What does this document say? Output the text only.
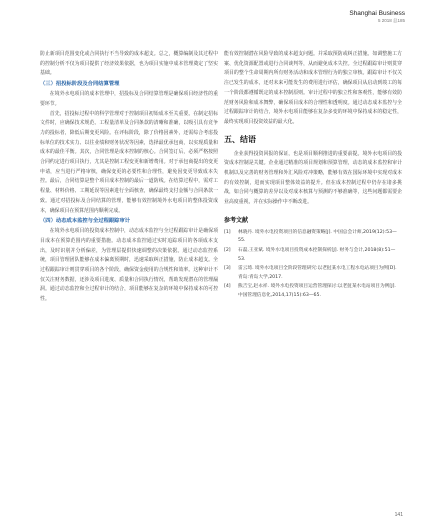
Shanghai Business
5 2018 总185

防止新项目范围变化或合同执行不当导致的成本超支。总之，概算编制及其过程中的控制分析不仅为项目提供了经济效果依据，也为项目实施中成本管理奠定了坚实基础。

（三）招投标阶段及合同结算管理

在境外水电项目的成本管理中，招投标及合同结算管理是确保项目经济性的重要环节。

首先，招投标过程中的科学管理对于控制项目初始成本至关重要。在制定招标文件时，应确保技术规范、工程量清单及合同条款的清晰和准确，以吸引具有竞争力的投标者，降低后期变更风险。在评标阶段，除了价格因素外，还需综合考虑投标单位的技术实力、以往业绩和财务状况等因素，选择最优承包商，以实现质量和成本的最佳平衡。其次，合同管理是成本控制的核心。合同签订后，必须严格按照合同约定进行项目执行，尤其是控制工程变更和新增费用。对于承包商提出的变更申请，应当进行严格审核，确保变更的必要性和合理性，避免因变更导致成本失控。最后，合同结算是整个项目成本控制的最后一道防线。在结算过程中，需对工程量、材料价格、工期延误等因素进行全面核查，确保最终支付金额与合同条款一致。通过对招投标及合同结算的管理，能够有效控制境外水电项目的整体投资成本，确保项目在预算范围内顺利完成。

（四）动态成本监控与全过程跟踪审计

在境外水电项目的投资成本控制中，动态成本监控与全过程跟踪审计是确保项目成本在预算范围内的重要措施。动态成本监控通过实时追踪项目的各项成本支出，及时识别并分析偏差，为管理层提供快速调整的决策依据。通过动态监控系统，项目管理团队能够在成本偏离预期时，迅速采取纠正措施，防止成本超支。全过程跟踪审计则贯穿项目的各个阶段，确保资金使用的合规性和效率。这种审计不仅关注财务数据，还涉及项目进度、质量和合同执行情况，帮助发现潜在的管理漏洞。通过动态监控和全过程审计的结合，项目能够在复杂的环境中保持成本的可控性。

能有效控制潜在风险导致的成本超支问题。并采取预防或纠正措施。如调整施工方案、优化资源配置或进行合同谈判等，从而避免成本失控。全过程跟踪审计则贯穿项目的整个生命周期内所有财务活动和成本管理行为的独立审核。跟踪审计不仅关注已发生的成本，还对未来可能发生的费用进行评估，确保项目从启动到竣工的每一个阶段都遵循既定的成本控制原则。审计过程中的独立性和客观性，能够有效防范财务风险和成本舞弊，确保项目成本的合理性和透明度。通过动态成本监控与全过程跟踪审计的结合，境外水电项目能够在复杂多变的环境中保持成本的稳定性，最终实现项目投资效益的最大化。

五、结语

企业获得投资回报的保证，也是项目顺利推进的重要前提。境外水电项目的投资成本控制是关键。企业通过精准的项目规划和预算管理，动态的成本监控和审计机制以及完善的财务管理和外汇风险对冲策略，能够有效在国际环境中实现对成本的有效控制，进而实现项目整体效益的提升。但在成本控制过程中仍存在诸多挑战，如合同与概算的差异以及对成本核算与预测的不够准确等，这些问题都需要企业高度重视，并在实际操作中不断改进。

参考文献
[1]	林晓丹. 境外水电投资项目的信息融资策略[J]. 中国总会计师,2019(12):53—55.
[2]	石磊,王亚斌. 境外水电项目投资成本控制探析[J]. 财务与会计,2018(8):51—53.
[3]	雷云琦. 境外水电项目全阶段管理研究:以老挝某水电工程水电站项目为例[D]. 青岛:青岛大学,2017.
[4]	熊吉宝,赵永祥. 境外水电投资项目运营管理探讨:以老挝某水电站项目为例[J]. 中国管理信息化,2014,17(15):63—65.
141
